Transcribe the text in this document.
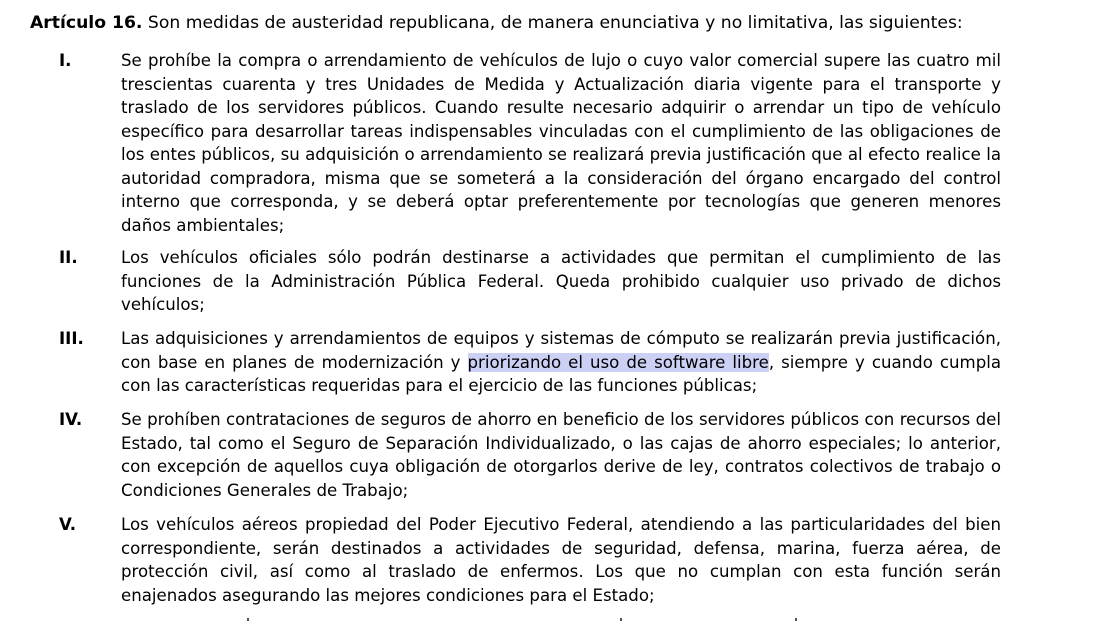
Artículo 16. Son medidas de austeridad republicana, de manera enunciativa y no limitativa, las siguientes:
I.	Se prohíbe la compra o arrendamiento de vehículos de lujo o cuyo valor comercial supere las cuatro mil trescientas cuarenta y tres Unidades de Medida y Actualización diaria vigente para el transporte y traslado de los servidores públicos. Cuando resulte necesario adquirir o arrendar un tipo de vehículo específico para desarrollar tareas indispensables vinculadas con el cumplimiento de las obligaciones de los entes públicos, su adquisición o arrendamiento se realizará previa justificación que al efecto realice la autoridad compradora, misma que se someterá a la consideración del órgano encargado del control interno que corresponda, y se deberá optar preferentemente por tecnologías que generen menores daños ambientales;
II.	Los vehículos oficiales sólo podrán destinarse a actividades que permitan el cumplimiento de las funciones de la Administración Pública Federal. Queda prohibido cualquier uso privado de dichos vehículos;
III. Las adquisiciones y arrendamientos de equipos y sistemas de cómputo se realizarán previa justificación, con base en planes de modernización y priorizando el uso de software libre, siempre y cuando cumpla con las características requeridas para el ejercicio de las funciones públicas;
IV. Se prohíben contrataciones de seguros de ahorro en beneficio de los servidores públicos con recursos del Estado, tal como el Seguro de Separación Individualizado, o las cajas de ahorro especiales; lo anterior, con excepción de aquellos cuya obligación de otorgarlos derive de ley, contratos colectivos de trabajo o Condiciones Generales de Trabajo;
V.	Los vehículos aéreos propiedad del Poder Ejecutivo Federal, atendiendo a las particularidades del bien correspondiente, serán destinados a actividades de seguridad, defensa, marina, fuerza aérea, de protección civil, así como al traslado de enfermos. Los que no cumplan con esta función serán enajenados asegurando las mejores condiciones para el Estado;
